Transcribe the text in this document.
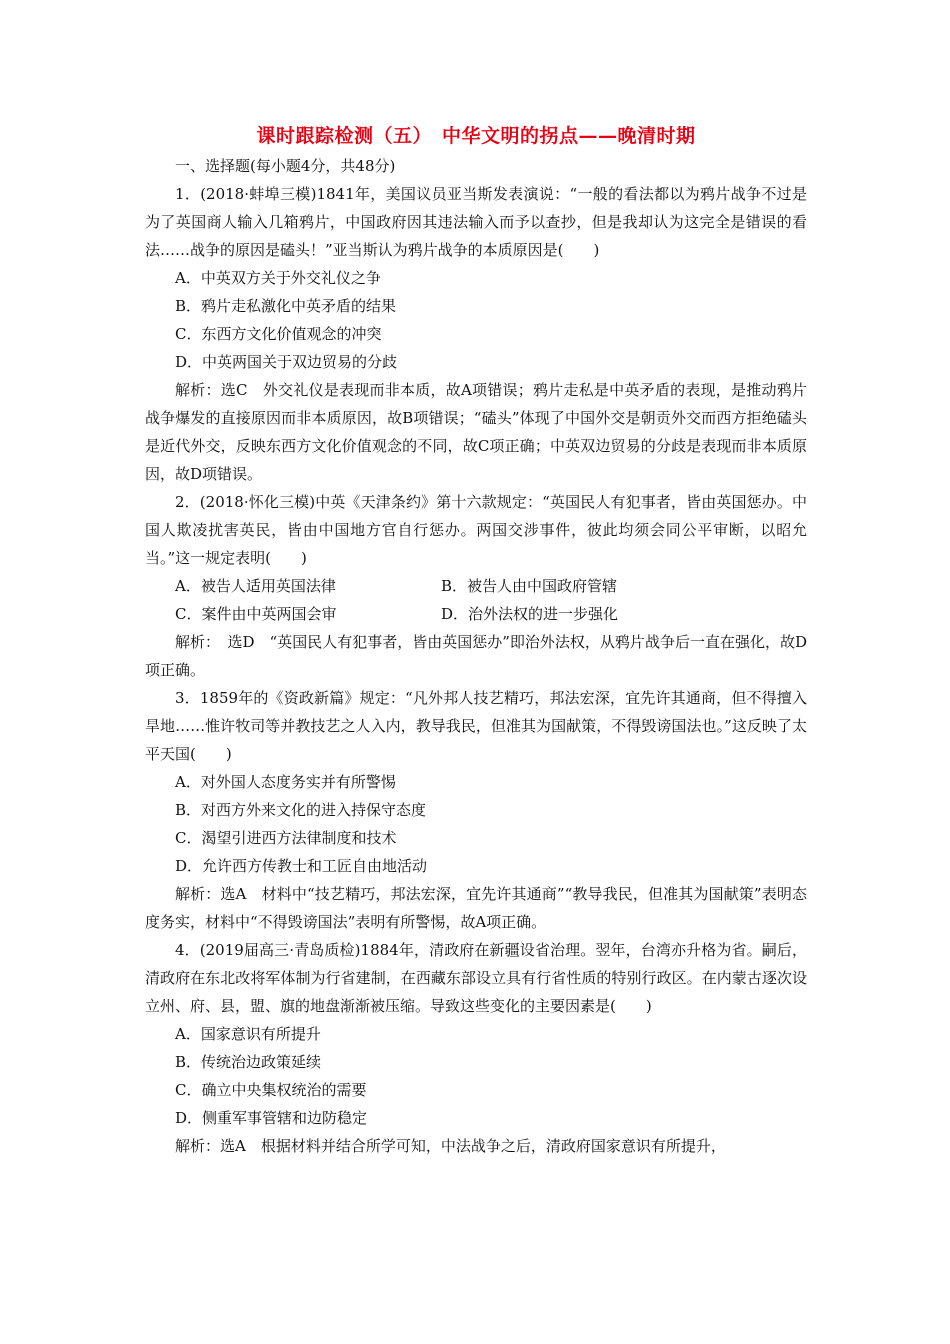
课时跟踪检测（五）　中华文明的拐点——晚清时期
一、选择题(每小题4分，共48分)

1．(2018·蚌埠三模)1841年，美国议员亚当斯发表演说：“一般的看法都以为鸦片战争不过是为了英国商人输入几箱鸦片，中国政府因其违法输入而予以查抄，但是我却认为这完全是错误的看法……战争的原因是磕头！”亚当斯认为鸦片战争的本质原因是(　　)

A．中英双方关于外交礼仪之争

B．鸦片走私激化中英矛盾的结果

C．东西方文化价值观念的冲突

D．中英两国关于双边贸易的分歧

解析：选C　外交礼仪是表现而非本质，故A项错误；鸦片走私是中英矛盾的表现，是推动鸦片战争爆发的直接原因而非本质原因，故B项错误；“磕头”体现了中国外交是朝贡外交而西方拒绝磕头是近代外交，反映东西方文化价值观念的不同，故C项正确；中英双边贸易的分歧是表现而非本质原因，故D项错误。

2．(2018·怀化三模)中英《天津条约》第十六款规定：“英国民人有犯事者，皆由英国惩办。中国人欺凌扰害英民，皆由中国地方官自行惩办。两国交涉事件，彼此均须会同公平审断，以昭允当。”这一规定表明(　　)

A．被告人适用英国法律	B．被告人由中国政府管辖
C．案件由中英两国会审	D．治外法权的进一步强化

解析：　选D　“英国民人有犯事者，皆由英国惩办”即治外法权，从鸦片战争后一直在强化，故D项正确。

3．1859年的《资政新篇》规定：“凡外邦人技艺精巧，邦法宏深，宜先许其通商，但不得擅入旱地……惟许牧司等并教技艺之人入内，教导我民，但准其为国献策，不得毁谤国法也。”这反映了太平天国(　　)

A．对外国人态度务实并有所警惕

B．对西方外来文化的进入持保守态度

C．渴望引进西方法律制度和技术

D．允许西方传教士和工匠自由地活动

解析：选A　材料中“技艺精巧，邦法宏深，宜先许其通商”“教导我民，但准其为国献策”表明态度务实，材料中“不得毁谤国法”表明有所警惕，故A项正确。

4．(2019届高三·青岛质检)1884年，清政府在新疆设省治理。翌年，台湾亦升格为省。嗣后，清政府在东北改将军体制为行省建制，在西藏东部设立具有行省性质的特别行政区。在内蒙古逐次设立州、府、县，盟、旗的地盘渐渐被压缩。导致这些变化的主要因素是(　　)

A．国家意识有所提升

B．传统治边政策延续

C．确立中央集权统治的需要

D．侧重军事管辖和边防稳定

解析：选A　根据材料并结合所学可知，中法战争之后，清政府国家意识有所提升，
